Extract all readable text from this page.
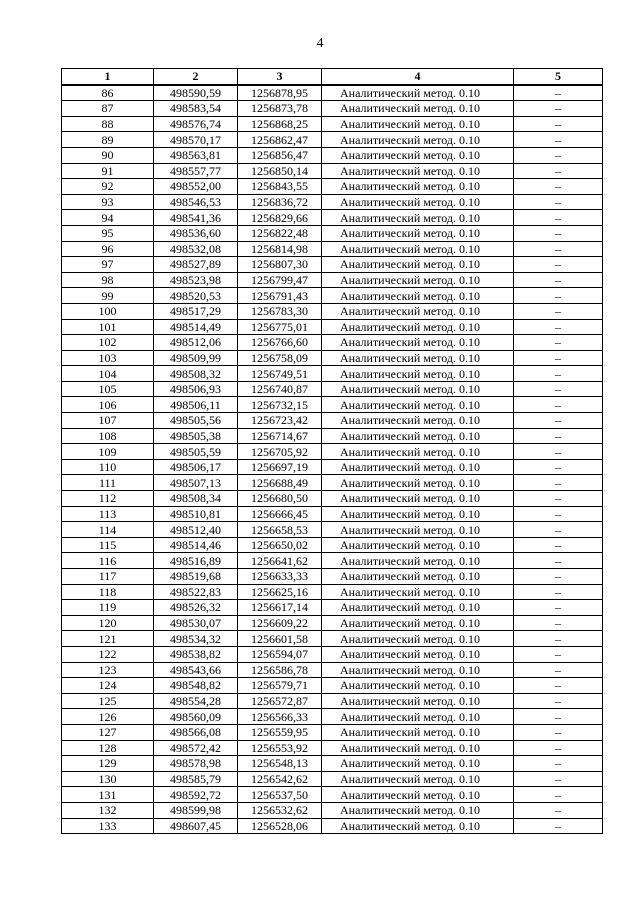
4
1	2	3	4	5
86	498590,59	1256878,95	Аналитический метод. 0.10	–
87	498583,54	1256873,78	Аналитический метод. 0.10	–
88	498576,74	1256868,25	Аналитический метод. 0.10	–
89	498570,17	1256862,47	Аналитический метод. 0.10	–
90	498563,81	1256856,47	Аналитический метод. 0.10	–
91	498557,77	1256850,14	Аналитический метод. 0.10	–
92	498552,00	1256843,55	Аналитический метод. 0.10	–
93	498546,53	1256836,72	Аналитический метод. 0.10	–
94	498541,36	1256829,66	Аналитический метод. 0.10	–
95	498536,60	1256822,48	Аналитический метод. 0.10	–
96	498532,08	1256814,98	Аналитический метод. 0.10	–
97	498527,89	1256807,30	Аналитический метод. 0.10	–
98	498523,98	1256799,47	Аналитический метод. 0.10	–
99	498520,53	1256791,43	Аналитический метод. 0.10	–
100	498517,29	1256783,30	Аналитический метод. 0.10	–
101	498514,49	1256775,01	Аналитический метод. 0.10	–
102	498512,06	1256766,60	Аналитический метод. 0.10	–
103	498509,99	1256758,09	Аналитический метод. 0.10	–
104	498508,32	1256749,51	Аналитический метод. 0.10	–
105	498506,93	1256740,87	Аналитический метод. 0.10	–
106	498506,11	1256732,15	Аналитический метод. 0.10	–
107	498505,56	1256723,42	Аналитический метод. 0.10	–
108	498505,38	1256714,67	Аналитический метод. 0.10	–
109	498505,59	1256705,92	Аналитический метод. 0.10	–
110	498506,17	1256697,19	Аналитический метод. 0.10	–
111	498507,13	1256688,49	Аналитический метод. 0.10	–
112	498508,34	1256680,50	Аналитический метод. 0.10	–
113	498510,81	1256666,45	Аналитический метод. 0.10	–
114	498512,40	1256658,53	Аналитический метод. 0.10	–
115	498514,46	1256650,02	Аналитический метод. 0.10	–
116	498516,89	1256641,62	Аналитический метод. 0.10	–
117	498519,68	1256633,33	Аналитический метод. 0.10	–
118	498522,83	1256625,16	Аналитический метод. 0.10	–
119	498526,32	1256617,14	Аналитический метод. 0.10	–
120	498530,07	1256609,22	Аналитический метод. 0.10	–
121	498534,32	1256601,58	Аналитический метод. 0.10	–
122	498538,82	1256594,07	Аналитический метод. 0.10	–
123	498543,66	1256586,78	Аналитический метод. 0.10	–
124	498548,82	1256579,71	Аналитический метод. 0.10	–
125	498554,28	1256572,87	Аналитический метод. 0.10	–
126	498560,09	1256566,33	Аналитический метод. 0.10	–
127	498566,08	1256559,95	Аналитический метод. 0.10	–
128	498572,42	1256553,92	Аналитический метод. 0.10	–
129	498578,98	1256548,13	Аналитический метод. 0.10	–
130	498585,79	1256542,62	Аналитический метод. 0.10	–
131	498592,72	1256537,50	Аналитический метод. 0.10	–
132	498599,98	1256532,62	Аналитический метод. 0.10	–
133	498607,45	1256528,06	Аналитический метод. 0.10	–
